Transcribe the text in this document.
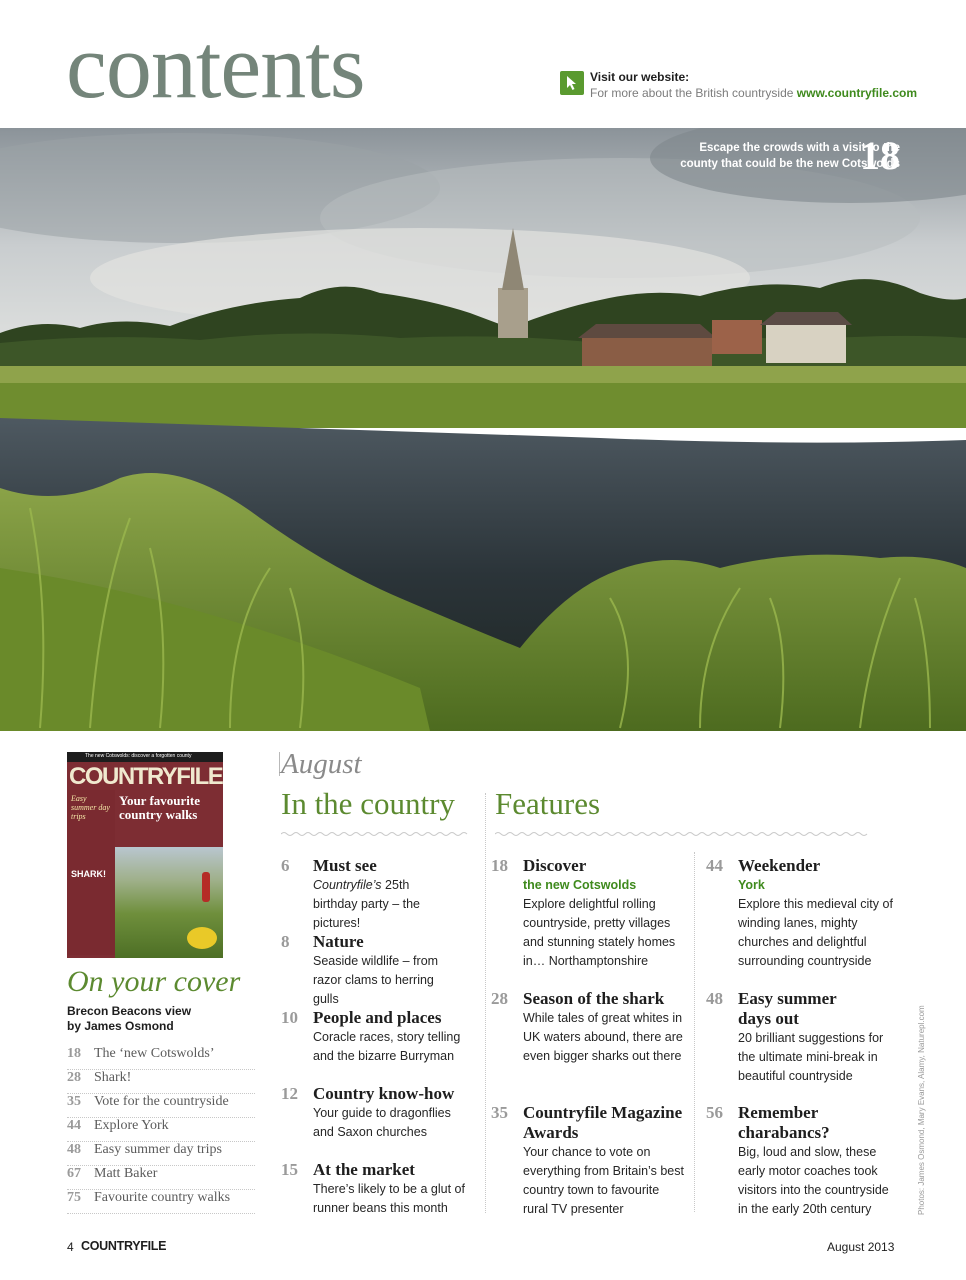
contents	Visit our website:
For more about the British countryside www.countryfile.com
Escape the crowds with a visit to the
county that could be the new Cotswolds
18
The new Cotswolds: discover a forgotten county
COUNTRYFILE
Easy summer day trips
SHARK!
Your favourite country walks
On your cover
Brecon Beacons view
by James Osmond
18 The ‘new Cotswolds’
28 Shark!
35 Vote for the countryside
44 Explore York
48 Easy summer day trips
67 Matt Baker
75 Favourite country walks
August
In the country Features
6 Must see
Countryfile’s 25th birthday party – the pictures!
8 Nature
Seaside wildlife – from razor clams to herring gulls
10 People and places
Coracle races, story telling and the bizarre Burryman
12 Country know-how
Your guide to dragonflies and Saxon churches
15 At the market
There’s likely to be a glut of runner beans this month
18 Discover
the new Cotswolds
Explore delightful rolling countryside, pretty villages and stunning stately homes in… Northamptonshire
28 Season of the shark
While tales of great whites in UK waters abound, there are even bigger sharks out there
35 Countryfile Magazine Awards
Your chance to vote on everything from Britain’s best country town to favourite rural TV presenter
44 Weekender
York
Explore this medieval city of winding lanes, mighty churches and delightful surrounding countryside
48 Easy summer days out
20 brilliant suggestions for the ultimate mini-break in beautiful countryside
56 Remember charabancs?
Big, loud and slow, these early motor coaches took visitors into the countryside in the early 20th century	Photos: James Osmond, Mary Evans, Alamy, Naturepl.com
4 COUNTRYFILE	August 2013
